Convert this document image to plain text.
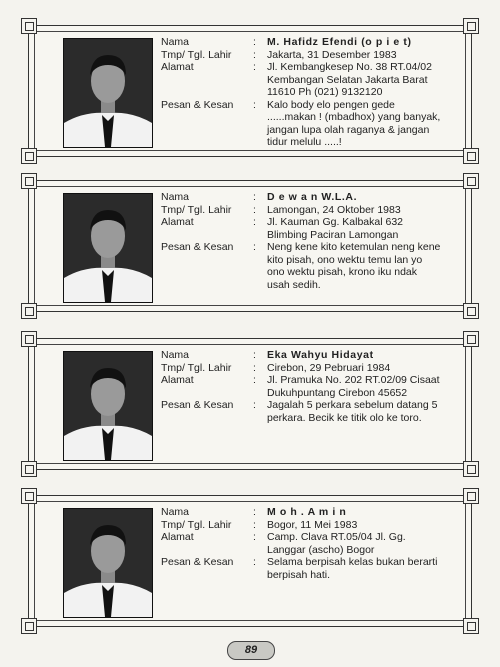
Nama	:	M. Hafidz Efendi (o p i e t)
Tmp/ Tgl. Lahir	:	Jakarta, 31 Desember 1983
Alamat	:	Jl. Kembangkesep No. 38 RT.04/02
Kembangan Selatan Jakarta Barat
11610 Ph (021) 9132120
Pesan & Kesan	:	Kalo body elo pengen gede
......makan ! (mbadhox) yang banyak,
jangan lupa olah raganya & jangan
tidur melulu .....!
Nama	:	D e w a n W.L.A.
Tmp/ Tgl. Lahir	:	Lamongan, 24 Oktober 1983
Alamat	:	Jl. Kauman Gg. Kalbakal 632
Blimbing Paciran Lamongan
Pesan & Kesan	:	Neng kene kito ketemulan neng kene
kito pisah, ono wektu temu lan yo
ono wektu pisah, krono iku ndak
usah sedih.
Nama	:	Eka Wahyu Hidayat
Tmp/ Tgl. Lahir	:	Cirebon, 29 Pebruari 1984
Alamat	:	Jl. Pramuka No. 202 RT.02/09 Cisaat
Dukuhpuntang Cirebon 45652
Pesan & Kesan	:	Jagalah 5 perkara sebelum datang 5
perkara. Becik ke titik olo ke toro.
Nama	:	M o h . A m i n
Tmp/ Tgl. Lahir	:	Bogor, 11 Mei 1983
Alamat	:	Camp. Clava RT.05/04 Jl. Gg.
Langgar (ascho) Bogor
Pesan & Kesan	:	Selama berpisah kelas bukan berarti
berpisah hati.
89
